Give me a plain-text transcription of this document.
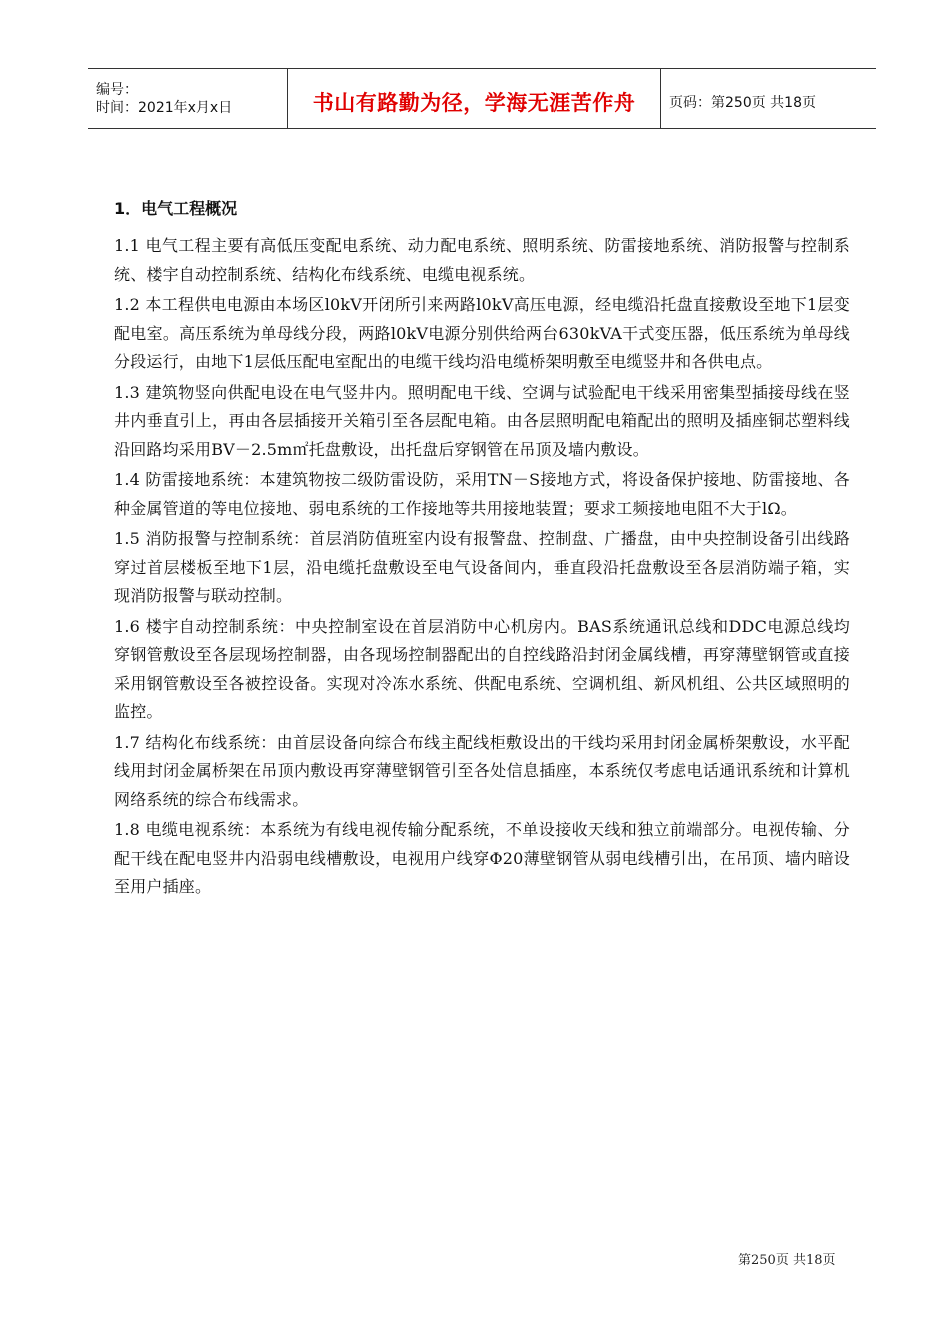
编号：
时间：2021年x月x日	书山有路勤为径，学海无涯苦作舟	页码：第250页 共18页
1．电气工程概况

1.1 电气工程主要有高低压变配电系统、动力配电系统、照明系统、防雷接地系统、消防报警与控制系统、楼宇自动控制系统、结构化布线系统、电缆电视系统。

1.2 本工程供电电源由本场区l0kV开闭所引来两路l0kV高压电源，经电缆沿托盘直接敷设至地下1层变配电室。高压系统为单母线分段，两路l0kV电源分别供给两台630kVA干式变压器，低压系统为单母线分段运行，由地下1层低压配电室配出的电缆干线均沿电缆桥架明敷至电缆竖井和各供电点。

1.3 建筑物竖向供配电设在电气竖井内。照明配电干线、空调与试验配电干线采用密集型插接母线在竖井内垂直引上，再由各层插接开关箱引至各层配电箱。由各层照明配电箱配出的照明及插座铜芯塑料线沿回路均采用BV－2.5m㎡托盘敷设，出托盘后穿钢管在吊顶及墙内敷设。

1.4 防雷接地系统：本建筑物按二级防雷设防，采用TN－S接地方式，将设备保护接地、防雷接地、各种金属管道的等电位接地、弱电系统的工作接地等共用接地装置；要求工频接地电阻不大于lΩ。

1.5 消防报警与控制系统：首层消防值班室内设有报警盘、控制盘、广播盘，由中央控制设备引出线路穿过首层楼板至地下1层，沿电缆托盘敷设至电气设备间内，垂直段沿托盘敷设至各层消防端子箱，实现消防报警与联动控制。

1.6 楼宇自动控制系统：中央控制室设在首层消防中心机房内。BAS系统通讯总线和DDC电源总线均穿钢管敷设至各层现场控制器，由各现场控制器配出的自控线路沿封闭金属线槽，再穿薄壁钢管或直接采用钢管敷设至各被控设备。实现对冷冻水系统、供配电系统、空调机组、新风机组、公共区域照明的监控。

1.7 结构化布线系统：由首层设备向综合布线主配线柜敷设出的干线均采用封闭金属桥架敷设，水平配线用封闭金属桥架在吊顶内敷设再穿薄壁钢管引至各处信息插座，本系统仅考虑电话通讯系统和计算机网络系统的综合布线需求。

1.8 电缆电视系统：本系统为有线电视传输分配系统，不单设接收天线和独立前端部分。电视传输、分配干线在配电竖井内沿弱电线槽敷设，电视用户线穿Φ20薄壁钢管从弱电线槽引出，在吊顶、墙内暗设至用户插座。

第250页 共18页
